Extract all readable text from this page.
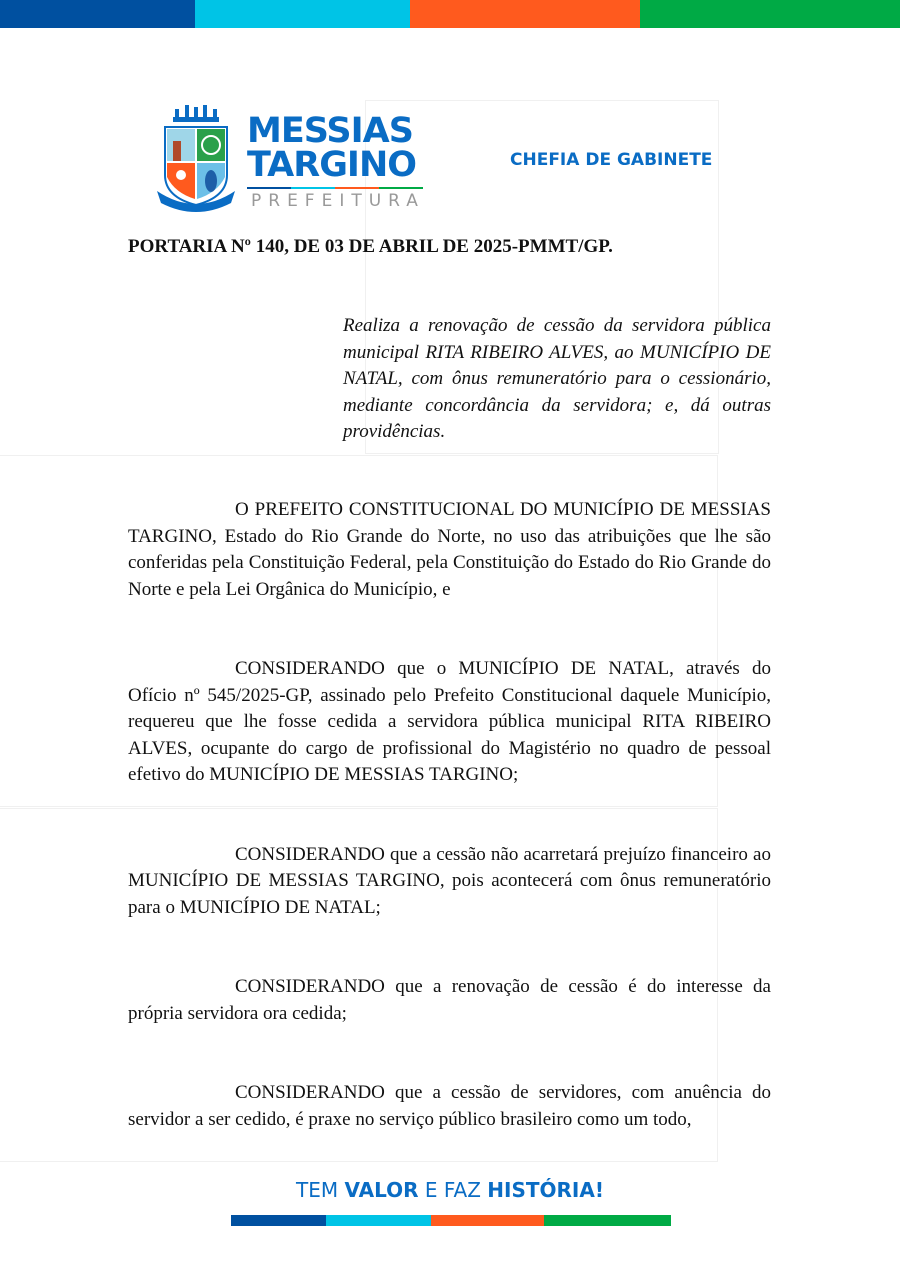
MESSIAS
TARGINO
PREFEITURA
CHEFIA DE GABINETE
PORTARIA Nº 140, DE 03 DE ABRIL DE 2025-PMMT/GP.
Realiza a renovação de cessão da servidora pública municipal RITA RIBEIRO ALVES, ao MUNICÍPIO DE NATAL, com ônus remuneratório para o cessionário, mediante concordância da servidora; e, dá outras providências.

O PREFEITO CONSTITUCIONAL DO MUNICÍPIO DE MESSIAS TARGINO, Estado do Rio Grande do Norte, no uso das atribuições que lhe são conferidas pela Constituição Federal, pela Constituição do Estado do Rio Grande do Norte e pela Lei Orgânica do Município, e

CONSIDERANDO que o MUNICÍPIO DE NATAL, através do Ofício nº 545/2025-GP, assinado pelo Prefeito Constitucional daquele Município, requereu que lhe fosse cedida a servidora pública municipal RITA RIBEIRO ALVES, ocupante do cargo de profissional do Magistério no quadro de pessoal efetivo do MUNICÍPIO DE MESSIAS TARGINO;

CONSIDERANDO que a cessão não acarretará prejuízo financeiro ao MUNICÍPIO DE MESSIAS TARGINO, pois acontecerá com ônus remuneratório para o MUNICÍPIO DE NATAL;

CONSIDERANDO que a renovação de cessão é do interesse da própria servidora ora cedida;

CONSIDERANDO que a cessão de servidores, com anuência do servidor a ser cedido, é praxe no serviço público brasileiro como um todo,

TEM VALOR E FAZ HISTÓRIA!
